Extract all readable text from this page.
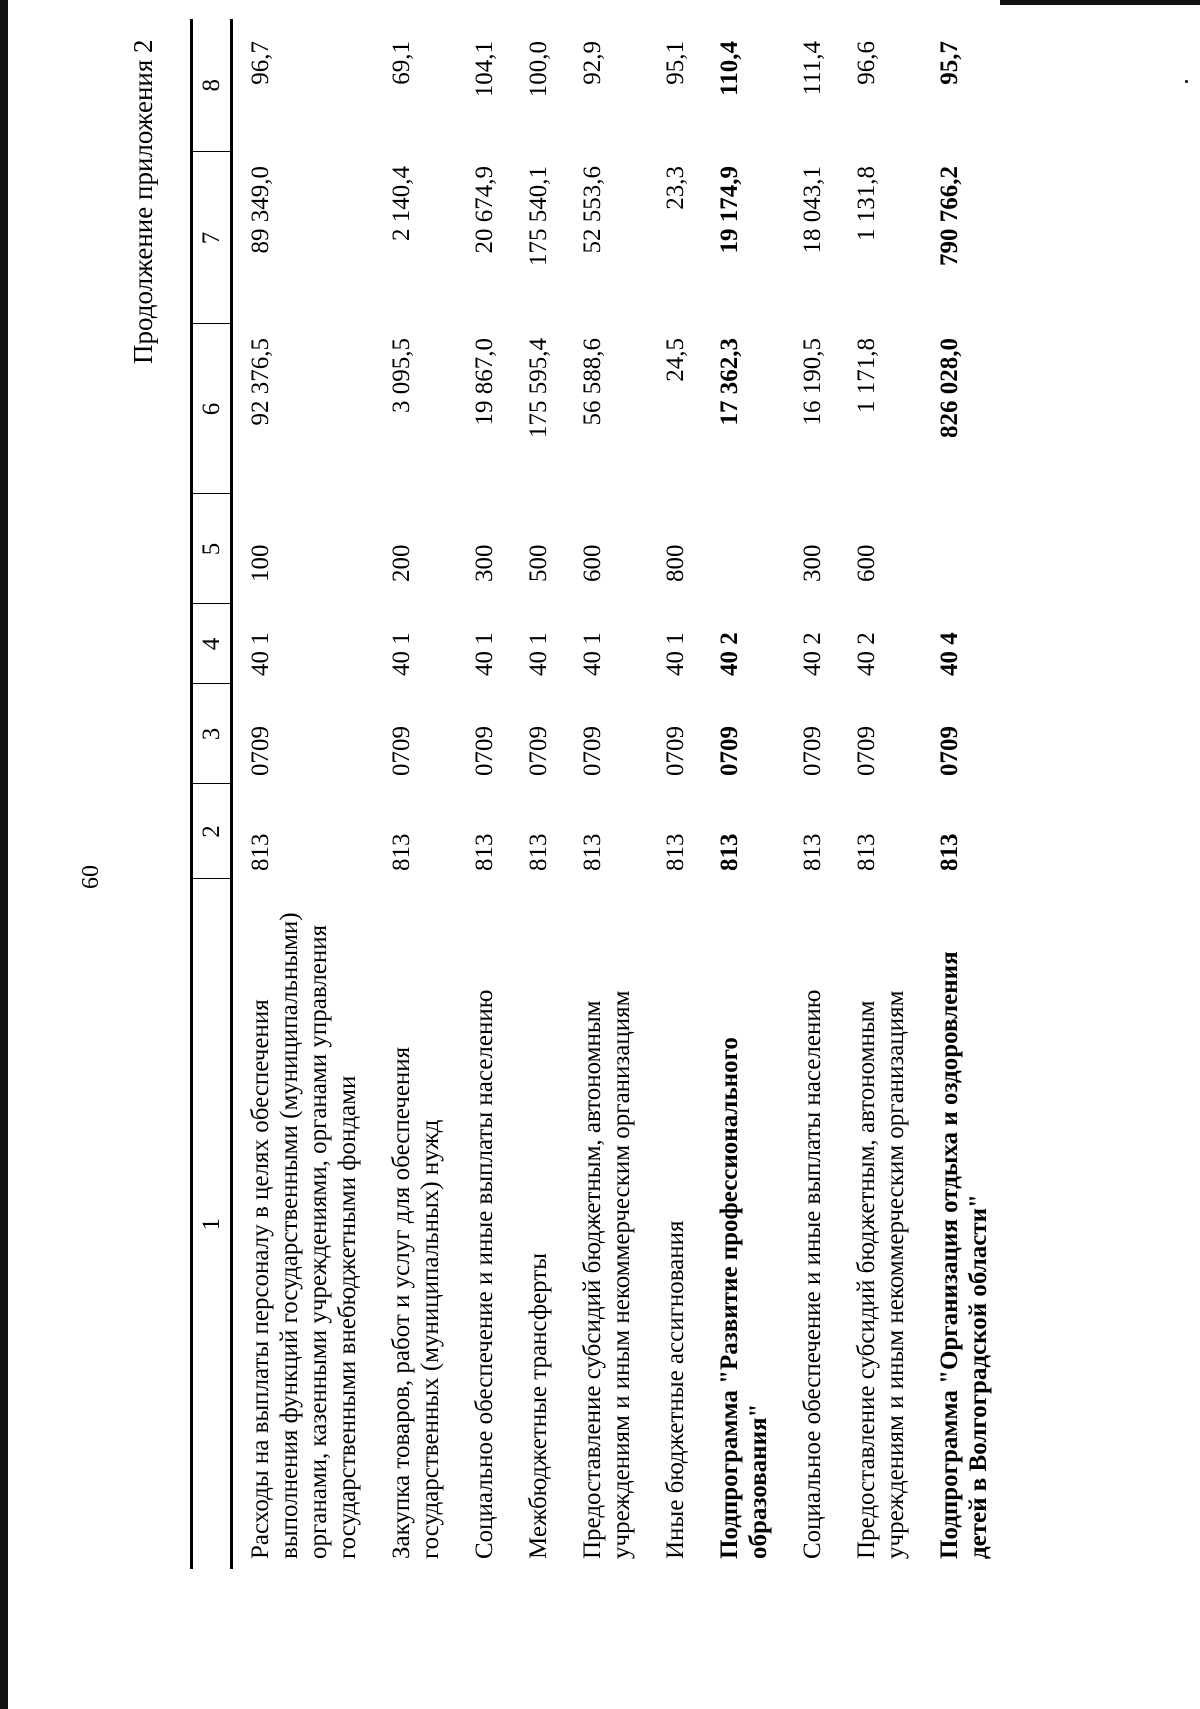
60
Продолжение приложения 2
1	2	3	4	5	6	7	8
Расходы на выплаты персоналу в целях обеспечения выполнения функций государственными (муниципальными) органами, казенными учреждениями, органами управления государственными внебюджетными фондами	813	0709	40 1	100	92 376,5	89 349,0	96,7
Закупка товаров, работ и услуг для обеспечения государственных (муниципальных) нужд	813	0709	40 1	200	3 095,5	2 140,4	69,1
Социальное обеспечение и иные выплаты населению	813	0709	40 1	300	19 867,0	20 674,9	104,1
Межбюджетные трансферты	813	0709	40 1	500	175 595,4	175 540,1	100,0
Предоставление субсидий бюджетным, автономным учреждениям и иным некоммерческим организациям	813	0709	40 1	600	56 588,6	52 553,6	92,9
Иные бюджетные ассигнования	813	0709	40 1	800	24,5	23,3	95,1
Подпрограмма "Развитие профессионального образования"	813	0709	40 2		17 362,3	19 174,9	110,4
Социальное обеспечение и иные выплаты населению	813	0709	40 2	300	16 190,5	18 043,1	111,4
Предоставление субсидий бюджетным, автономным учреждениям и иным некоммерческим организациям	813	0709	40 2	600	1 171,8	1 131,8	96,6
Подпрограмма "Организация отдыха и оздоровления детей в Волгоградской области"	813	0709	40 4		826 028,0	790 766,2	95,7
